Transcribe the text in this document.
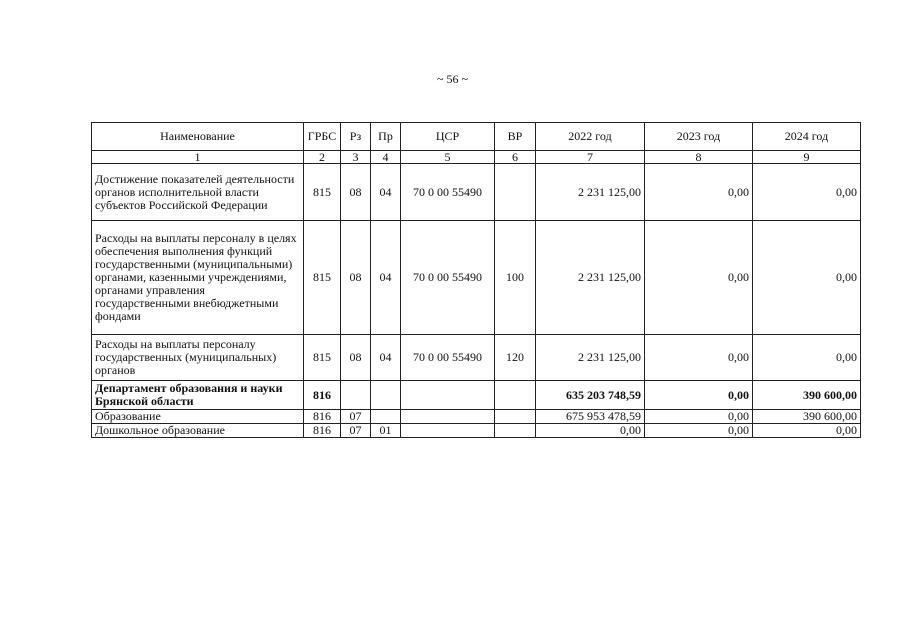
~ 56 ~
Наименование	ГРБС	Рз	Пр	ЦСР	ВР	2022 год	2023 год	2024 год
1	2	3	4	5	6	7	8	9
Достижение показателей деятельности органов исполнительной власти субъектов Российской Федерации	815	08	04	70 0 00 55490		2 231 125,00	0,00	0,00
Расходы на выплаты персоналу в целях обеспечения выполнения функций государственными (муниципальными) органами, казенными учреждениями, органами управления государственными внебюджетными фондами	815	08	04	70 0 00 55490	100	2 231 125,00	0,00	0,00
Расходы на выплаты персоналу государственных (муниципальных) органов	815	08	04	70 0 00 55490	120	2 231 125,00	0,00	0,00
Департамент образования и науки Брянской области	816					635 203 748,59	0,00	390 600,00
Образование	816	07				675 953 478,59	0,00	390 600,00
Дошкольное образование	816	07	01			0,00	0,00	0,00
